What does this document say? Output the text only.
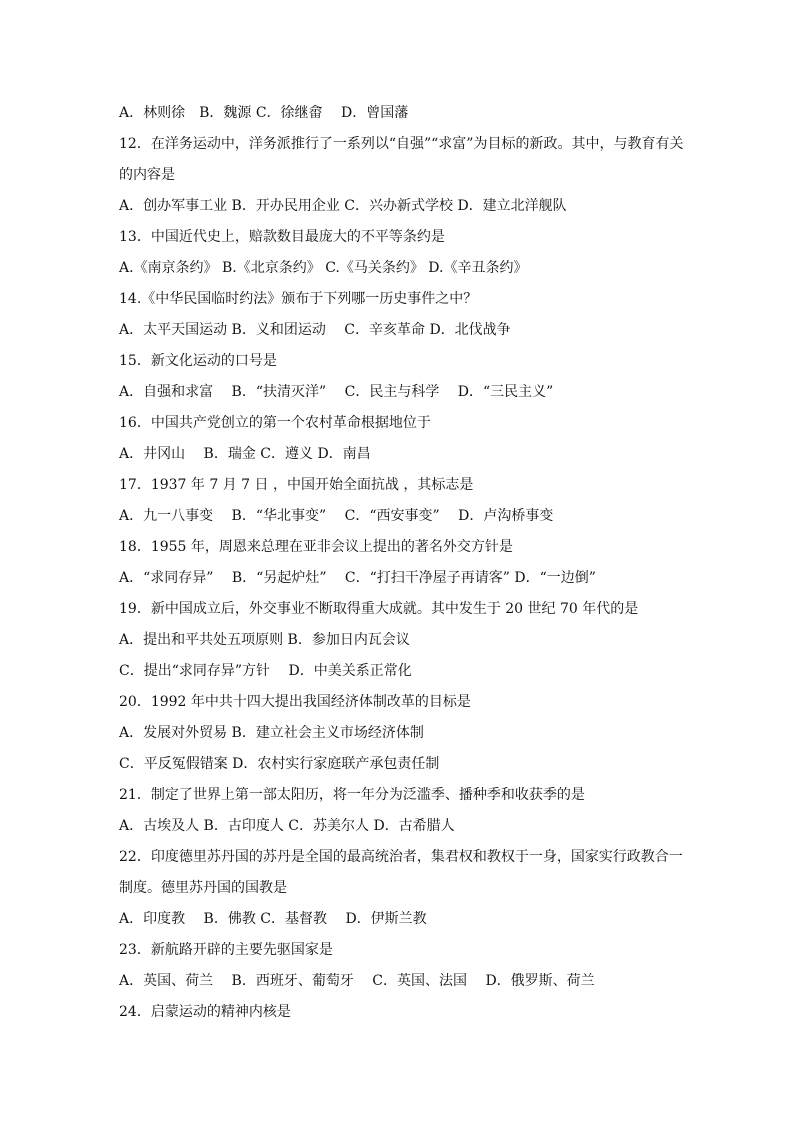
A．林则徐　B．魏源 C．徐继畲　 D．曾国藩
12．在洋务运动中，洋务派推行了一系列以“自强”“求富”为目标的新政。其中，与教育有关
的内容是
A．创办军事工业 B．开办民用企业 C．兴办新式学校 D．建立北洋舰队
13．中国近代史上，赔款数目最庞大的不平等条约是
A.《南京条约》 B.《北京条约》 C.《马关条约》 D.《辛丑条约》
14.《中华民国临时约法》颁布于下列哪一历史事件之中？
A．太平天国运动 B．义和团运动　 C．辛亥革命 D．北伐战争
15．新文化运动的口号是
A．自强和求富　 B．“扶清灭洋”　 C．民主与科学　 D．“三民主义”
16．中国共产党创立的第一个农村革命根据地位于
A．井冈山　 B．瑞金 C．遵义 D．南昌
17．1937 年 7 月 7 日 ，中国开始全面抗战 ，其标志是
A．九一八事变　 B．“华北事变”　 C．“西安事变”　 D．卢沟桥事变
18．1955 年，周恩来总理在亚非会议上提出的著名外交方针是
A．“求同存异”　 B．“另起炉灶”　 C．“打扫干净屋子再请客” D．“一边倒”
19．新中国成立后，外交事业不断取得重大成就。其中发生于 20 世纪 70 年代的是
A．提出和平共处五项原则 B．参加日内瓦会议
C．提出“求同存异”方针　 D．中美关系正常化
20．1992 年中共十四大提出我国经济体制改革的目标是
A．发展对外贸易 B．建立社会主义市场经济体制
C．平反冤假错案 D．农村实行家庭联产承包责任制
21．制定了世界上第一部太阳历，将一年分为泛滥季、播种季和收获季的是
A．古埃及人 B．古印度人 C．苏美尔人 D．古希腊人
22．印度德里苏丹国的苏丹是全国的最高统治者，集君权和教权于一身，国家实行政教合一
制度。德里苏丹国的国教是
A．印度教　 B．佛教 C．基督教　 D．伊斯兰教
23．新航路开辟的主要先驱国家是
A．英国、荷兰　 B．西班牙、葡萄牙　 C．英国、法国　 D．俄罗斯、荷兰
24．启蒙运动的精神内核是
